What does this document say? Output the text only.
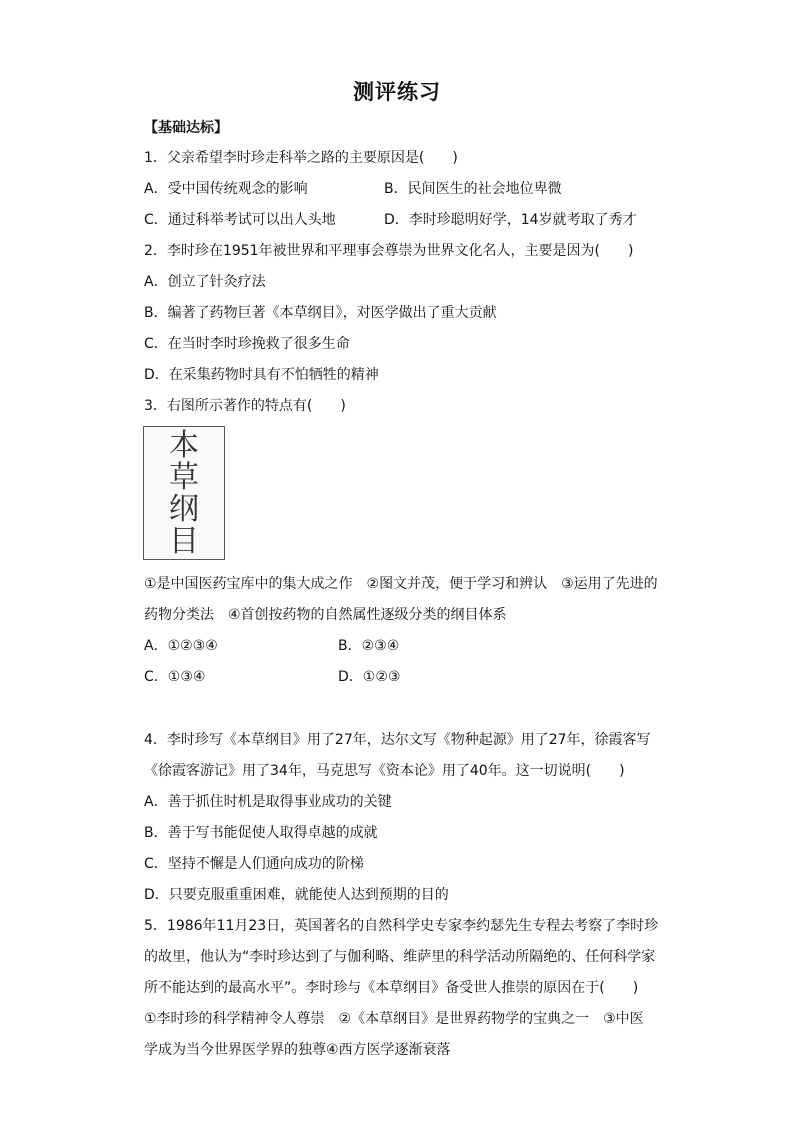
测评练习
【基础达标】
1．父亲希望李时珍走科举之路的主要原因是(　　)
A．受中国传统观念的影响	B．民间医生的社会地位卑微
C．通过科举考试可以出人头地	D．李时珍聪明好学，14岁就考取了秀才
2．李时珍在1951年被世界和平理事会尊崇为世界文化名人，主要是因为(　　)
A．创立了针灸疗法
B．编著了药物巨著《本草纲目》，对医学做出了重大贡献
C．在当时李时珍挽救了很多生命
D．在采集药物时具有不怕牺牲的精神
3．右图所示著作的特点有(　　)
本
草
纲
目
①是中国医药宝库中的集大成之作　②图文并茂，便于学习和辨认　③运用了先进的
药物分类法　④首创按药物的自然属性逐级分类的纲目体系
A．①②③④	B．②③④
C．①③④	D．①②③
4．李时珍写《本草纲目》用了27年，达尔文写《物种起源》用了27年，徐霞客写
《徐霞客游记》用了34年，马克思写《资本论》用了40年。这一切说明(　　)
A．善于抓住时机是取得事业成功的关键
B．善于写书能促使人取得卓越的成就
C．坚持不懈是人们通向成功的阶梯
D．只要克服重重困难，就能使人达到预期的目的
5．1986年11月23日，英国著名的自然科学史专家李约瑟先生专程去考察了李时珍
的故里，他认为“李时珍达到了与伽利略、维萨里的科学活动所隔绝的、任何科学家
所不能达到的最高水平”。李时珍与《本草纲目》备受世人推崇的原因在于(　　)
①李时珍的科学精神令人尊崇　②《本草纲目》是世界药物学的宝典之一　③中医
学成为当今世界医学界的独尊④西方医学逐渐衰落
